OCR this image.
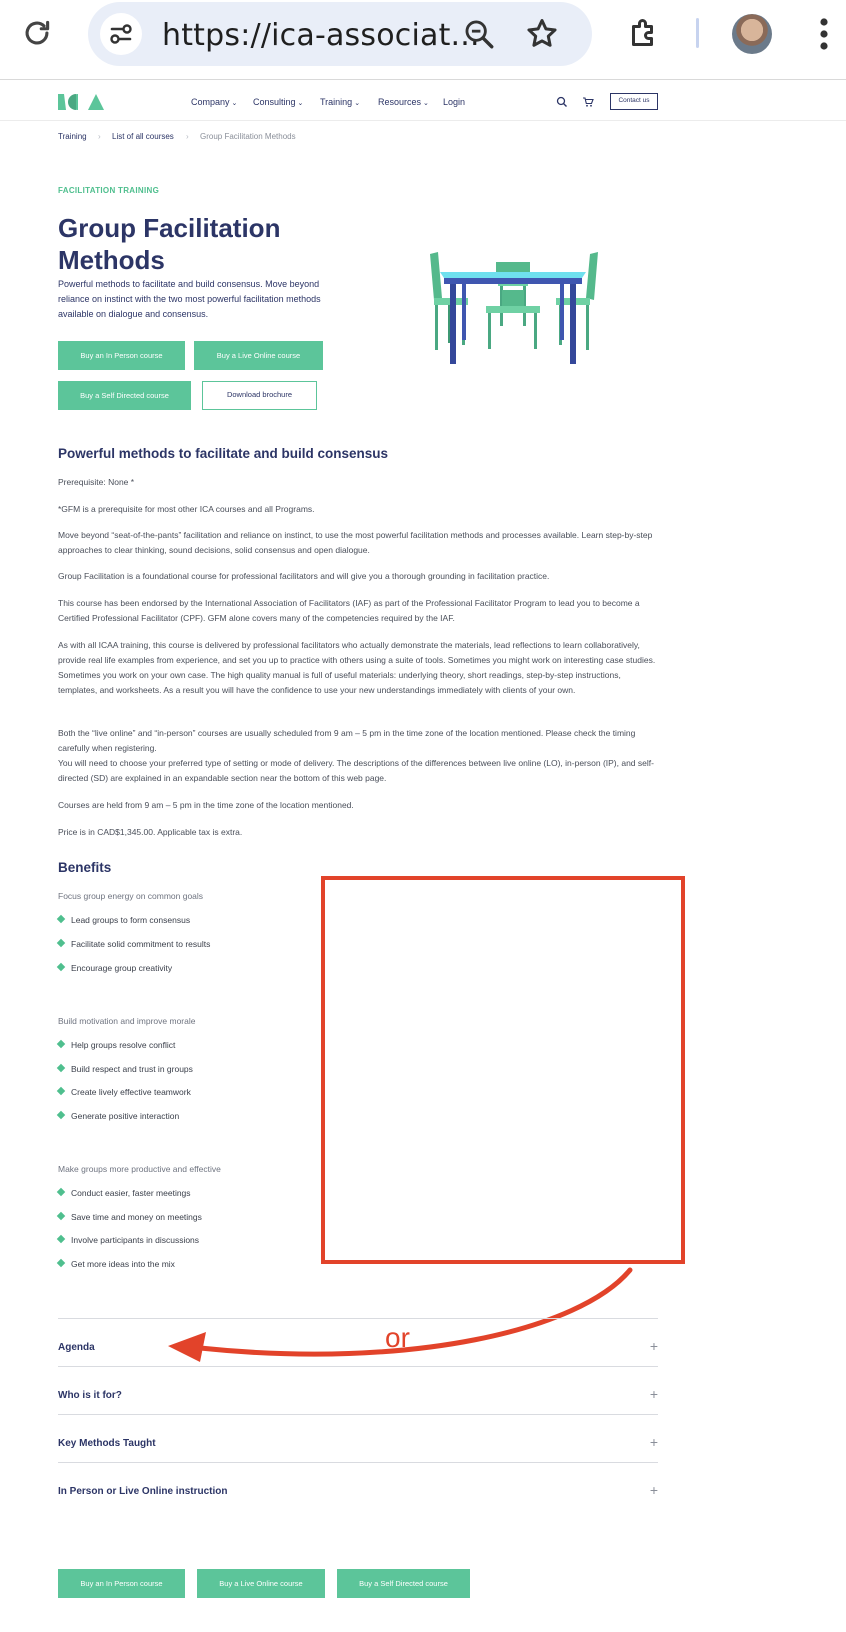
https://ica-associat...
Company ⌄ Consulting ⌄ Training ⌄ Resources ⌄ Login	Contact us
Training › List of all courses › Group Facilitation Methods
FACILITATION TRAINING
Group Facilitation
Methods
Powerful methods to facilitate and build consensus. Move beyond reliance on instinct with the two most powerful facilitation methods available on dialogue and consensus.
Buy an In Person course	Buy a Live Online course
Buy a Self Directed course	Download brochure
Powerful methods to facilitate and build consensus
Prerequisite: None *
*GFM is a prerequisite for most other ICA courses and all Programs.
Move beyond “seat-of-the-pants” facilitation and reliance on instinct, to use the most powerful facilitation methods and processes available. Learn step-by-step approaches to clear thinking, sound decisions, solid consensus and open dialogue.
Group Facilitation is a foundational course for professional facilitators and will give you a thorough grounding in facilitation practice.
This course has been endorsed by the International Association of Facilitators (IAF) as part of the Professional Facilitator Program to lead you to become a Certified Professional Facilitator (CPF). GFM alone covers many of the competencies required by the IAF.
As with all ICAA training, this course is delivered by professional facilitators who actually demonstrate the materials, lead reflections to learn collaboratively, provide real life examples from experience, and set you up to practice with others using a suite of tools. Sometimes you might work on interesting case studies. Sometimes you work on your own case. The high quality manual is full of useful materials: underlying theory, short readings, step-by-step instructions, templates, and worksheets. As a result you will have the confidence to use your new understandings immediately with clients of your own.
Both the “live online” and “in-person” courses are usually scheduled from 9 am – 5 pm in the time zone of the location mentioned. Please check the timing carefully when registering.
You will need to choose your preferred type of setting or mode of delivery. The descriptions of the differences between live online (LO), in-person (IP), and self-directed (SD) are explained in an expandable section near the bottom of this web page.
Courses are held from 9 am – 5 pm in the time zone of the location mentioned.
Price is in CAD$1,345.00. Applicable tax is extra.
Benefits
Focus group energy on common goals
Lead groups to form consensus
Facilitate solid commitment to results
Encourage group creativity
Build motivation and improve morale
Help groups resolve conflict
Build respect and trust in groups
Create lively effective teamwork
Generate positive interaction
Make groups more productive and effective
Conduct easier, faster meetings
Save time and money on meetings
Involve participants in discussions
Get more ideas into the mix
or
Agenda	+
Who is it for?	+
Key Methods Taught	+
In Person or Live Online instruction	+
Buy an In Person course	Buy a Live Online course	Buy a Self Directed course
